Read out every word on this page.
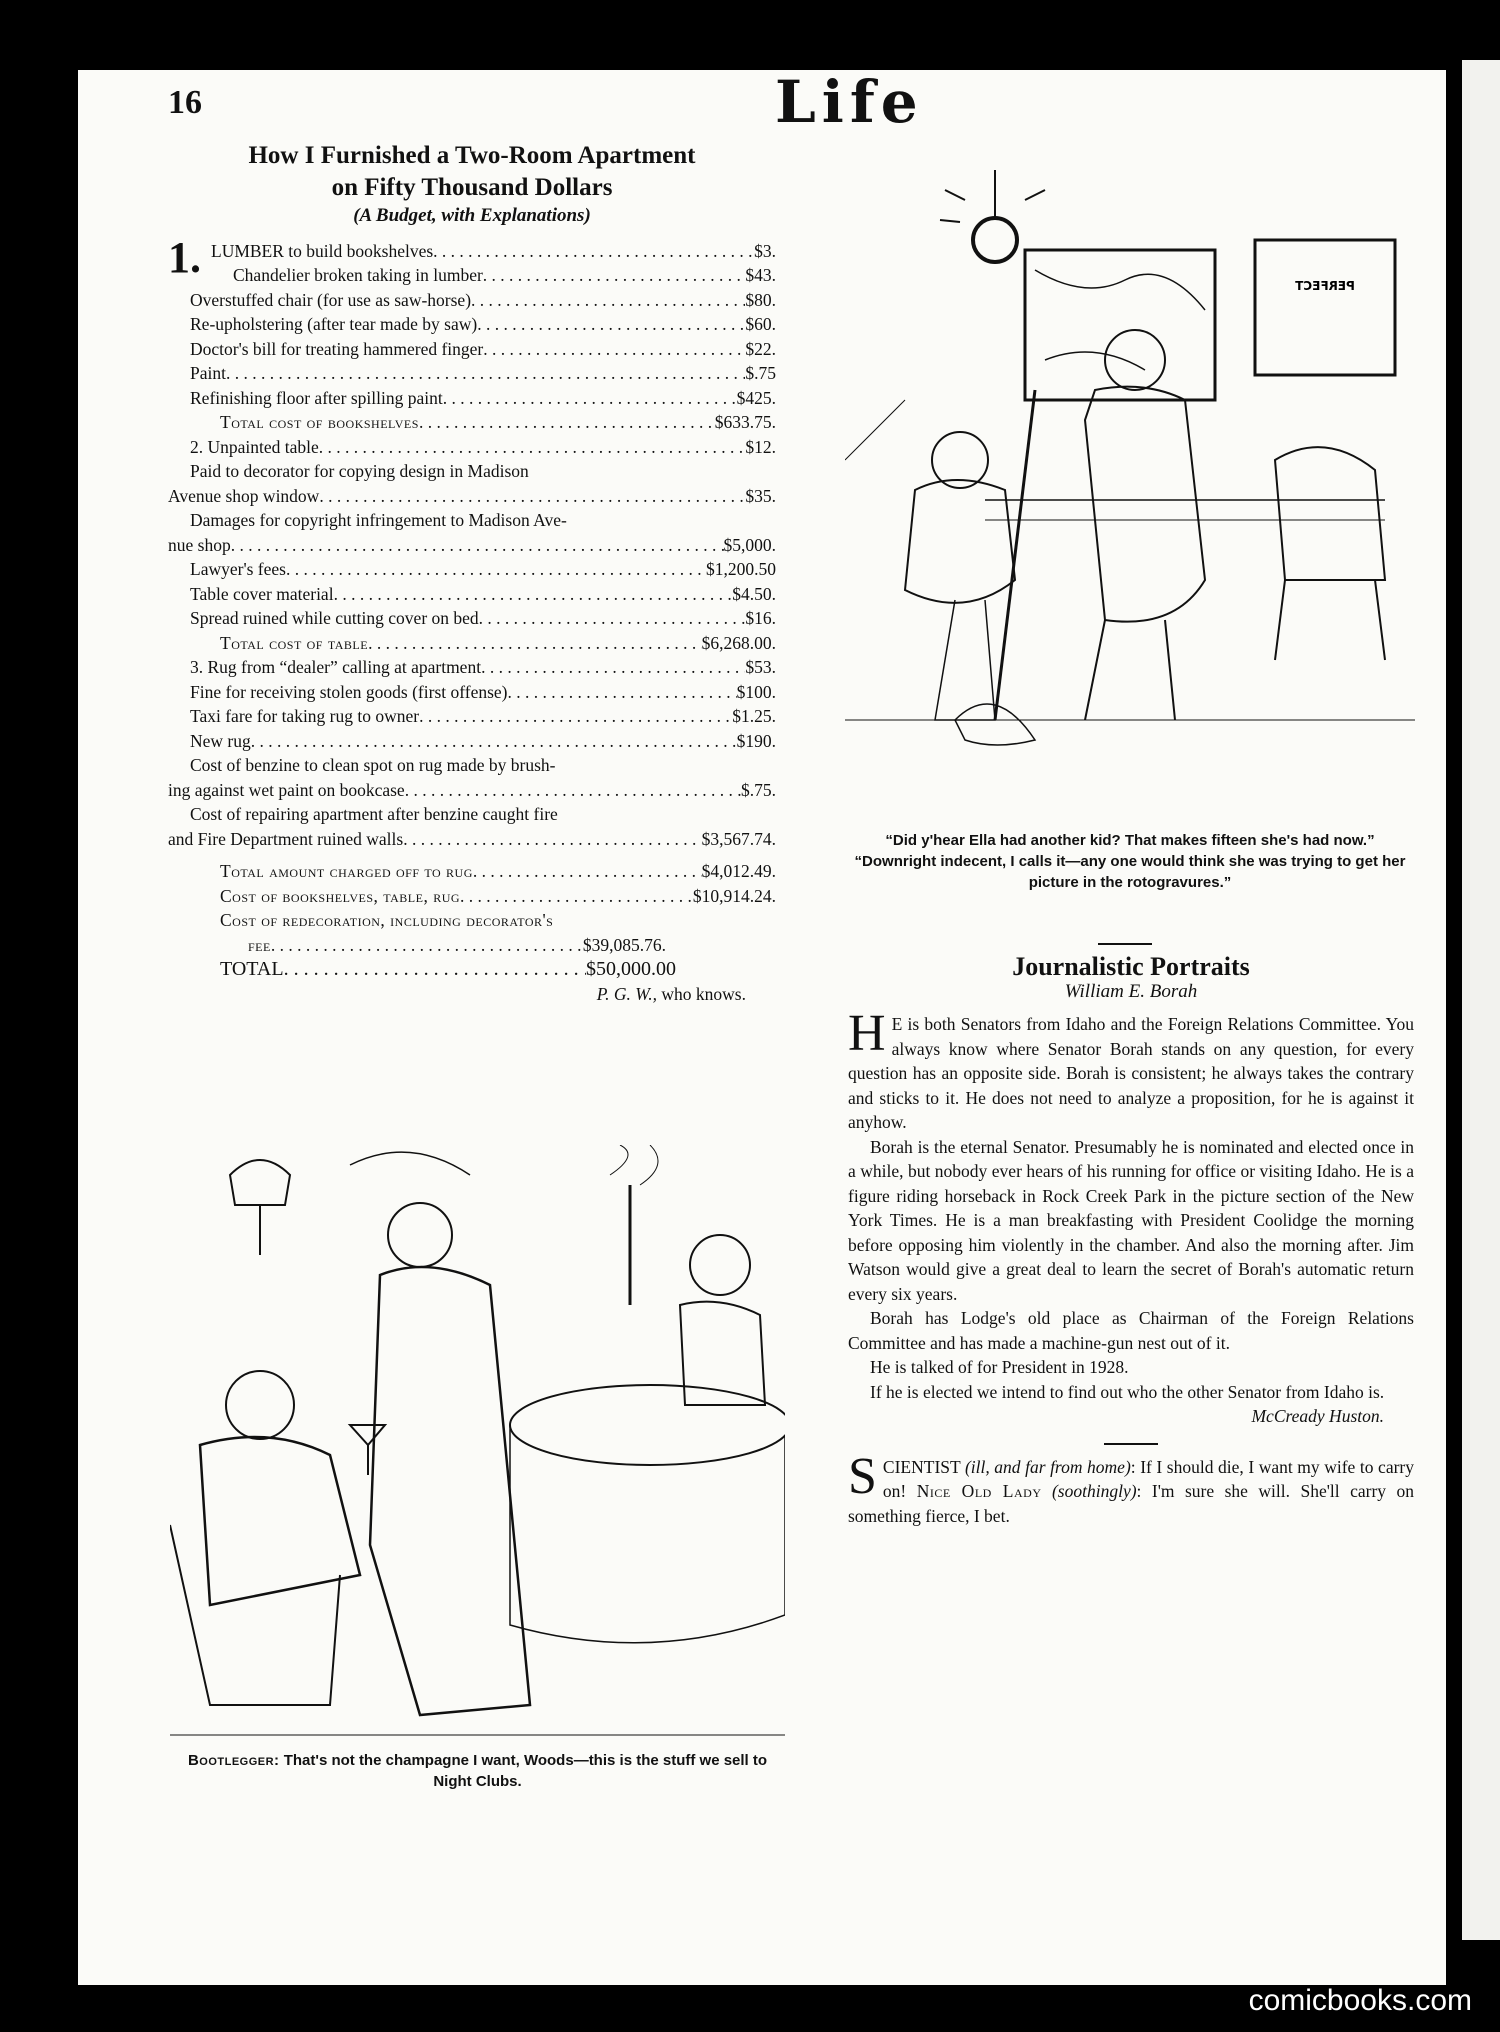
16	Life
How I Furnished a Two-Room Apartment
on Fifty Thousand Dollars
(A Budget, with Explanations)
1. LUMBER to build bookshelves . . .	$3.
Chandelier broken taking in lumber . . .	$43.
Overstuffed chair (for use as saw-horse) . . .	$80.
Re-upholstering (after tear made by saw) . . .	$60.
Doctor's bill for treating hammered finger . . .	$22.
Paint . . .	$.75
Refinishing floor after spilling paint . . .	$425.
Total cost of bookshelves . . .	$633.75.
2. Unpainted table . . .	$12.
Paid to decorator for copying design in Madison
Avenue shop window . . .	$35.
Damages for copyright infringement to Madison Ave-
nue shop . . .	$5,000.
Lawyer's fees . . .	$1,200.50
Table cover material . . .	$4.50.
Spread ruined while cutting cover on bed . . .	$16.
Total cost of table . . .	$6,268.00.
3. Rug from “dealer” calling at apartment . . .	$53.
Fine for receiving stolen goods (first offense) . . .	$100.
Taxi fare for taking rug to owner . . .	$1.25.
New rug . . .	$190.
Cost of benzine to clean spot on rug made by brush-
ing against wet paint on bookcase . . .	$.75.
Cost of repairing apartment after benzine caught fire
and Fire Department ruined walls . . .	$3,567.74.
Total amount charged off to rug . . .	$4,012.49.
Cost of bookshelves, table, rug . . .	$10,914.24.
Cost of redecoration, including decorator's
fee . . .	$39,085.76.
TOTAL . . .	$50,000.00
P. G. W., who knows.
PERFECT
“Did y'hear Ella had another kid? That makes fifteen she's had now.”
“Downright indecent, I calls it—any one would think she was trying to get her picture in the rotogravures.”
Journalistic Portraits
William E. Borah

H E is both Senators from Idaho and the Foreign Relations Committee. You always know where Senator Borah stands on any question, for every question has an opposite side. Borah is consistent; he always takes the contrary and sticks to it. He does not need to analyze a proposition, for he is against it anyhow.

Borah is the eternal Senator. Presumably he is nominated and elected once in a while, but nobody ever hears of his running for office or visiting Idaho. He is a figure riding horseback in Rock Creek Park in the picture section of the New York Times. He is a man breakfasting with President Coolidge the morning before opposing him violently in the chamber. And also the morning after. Jim Watson would give a great deal to learn the secret of Borah's automatic return every six years.

Borah has Lodge's old place as Chairman of the Foreign Relations Committee and has made a machine-gun nest out of it.

He is talked of for President in 1928.

If he is elected we intend to find out who the other Senator from Idaho is.

McCready Huston.

SCIENTIST (ill, and far from home): If I should die, I want my wife to carry on! Nice Old Lady (soothingly): I'm sure she will. She'll carry on something fierce, I bet.

Bootlegger: That's not the champagne I want, Woods—this is the stuff we sell to Night Clubs.
comicbooks.com
